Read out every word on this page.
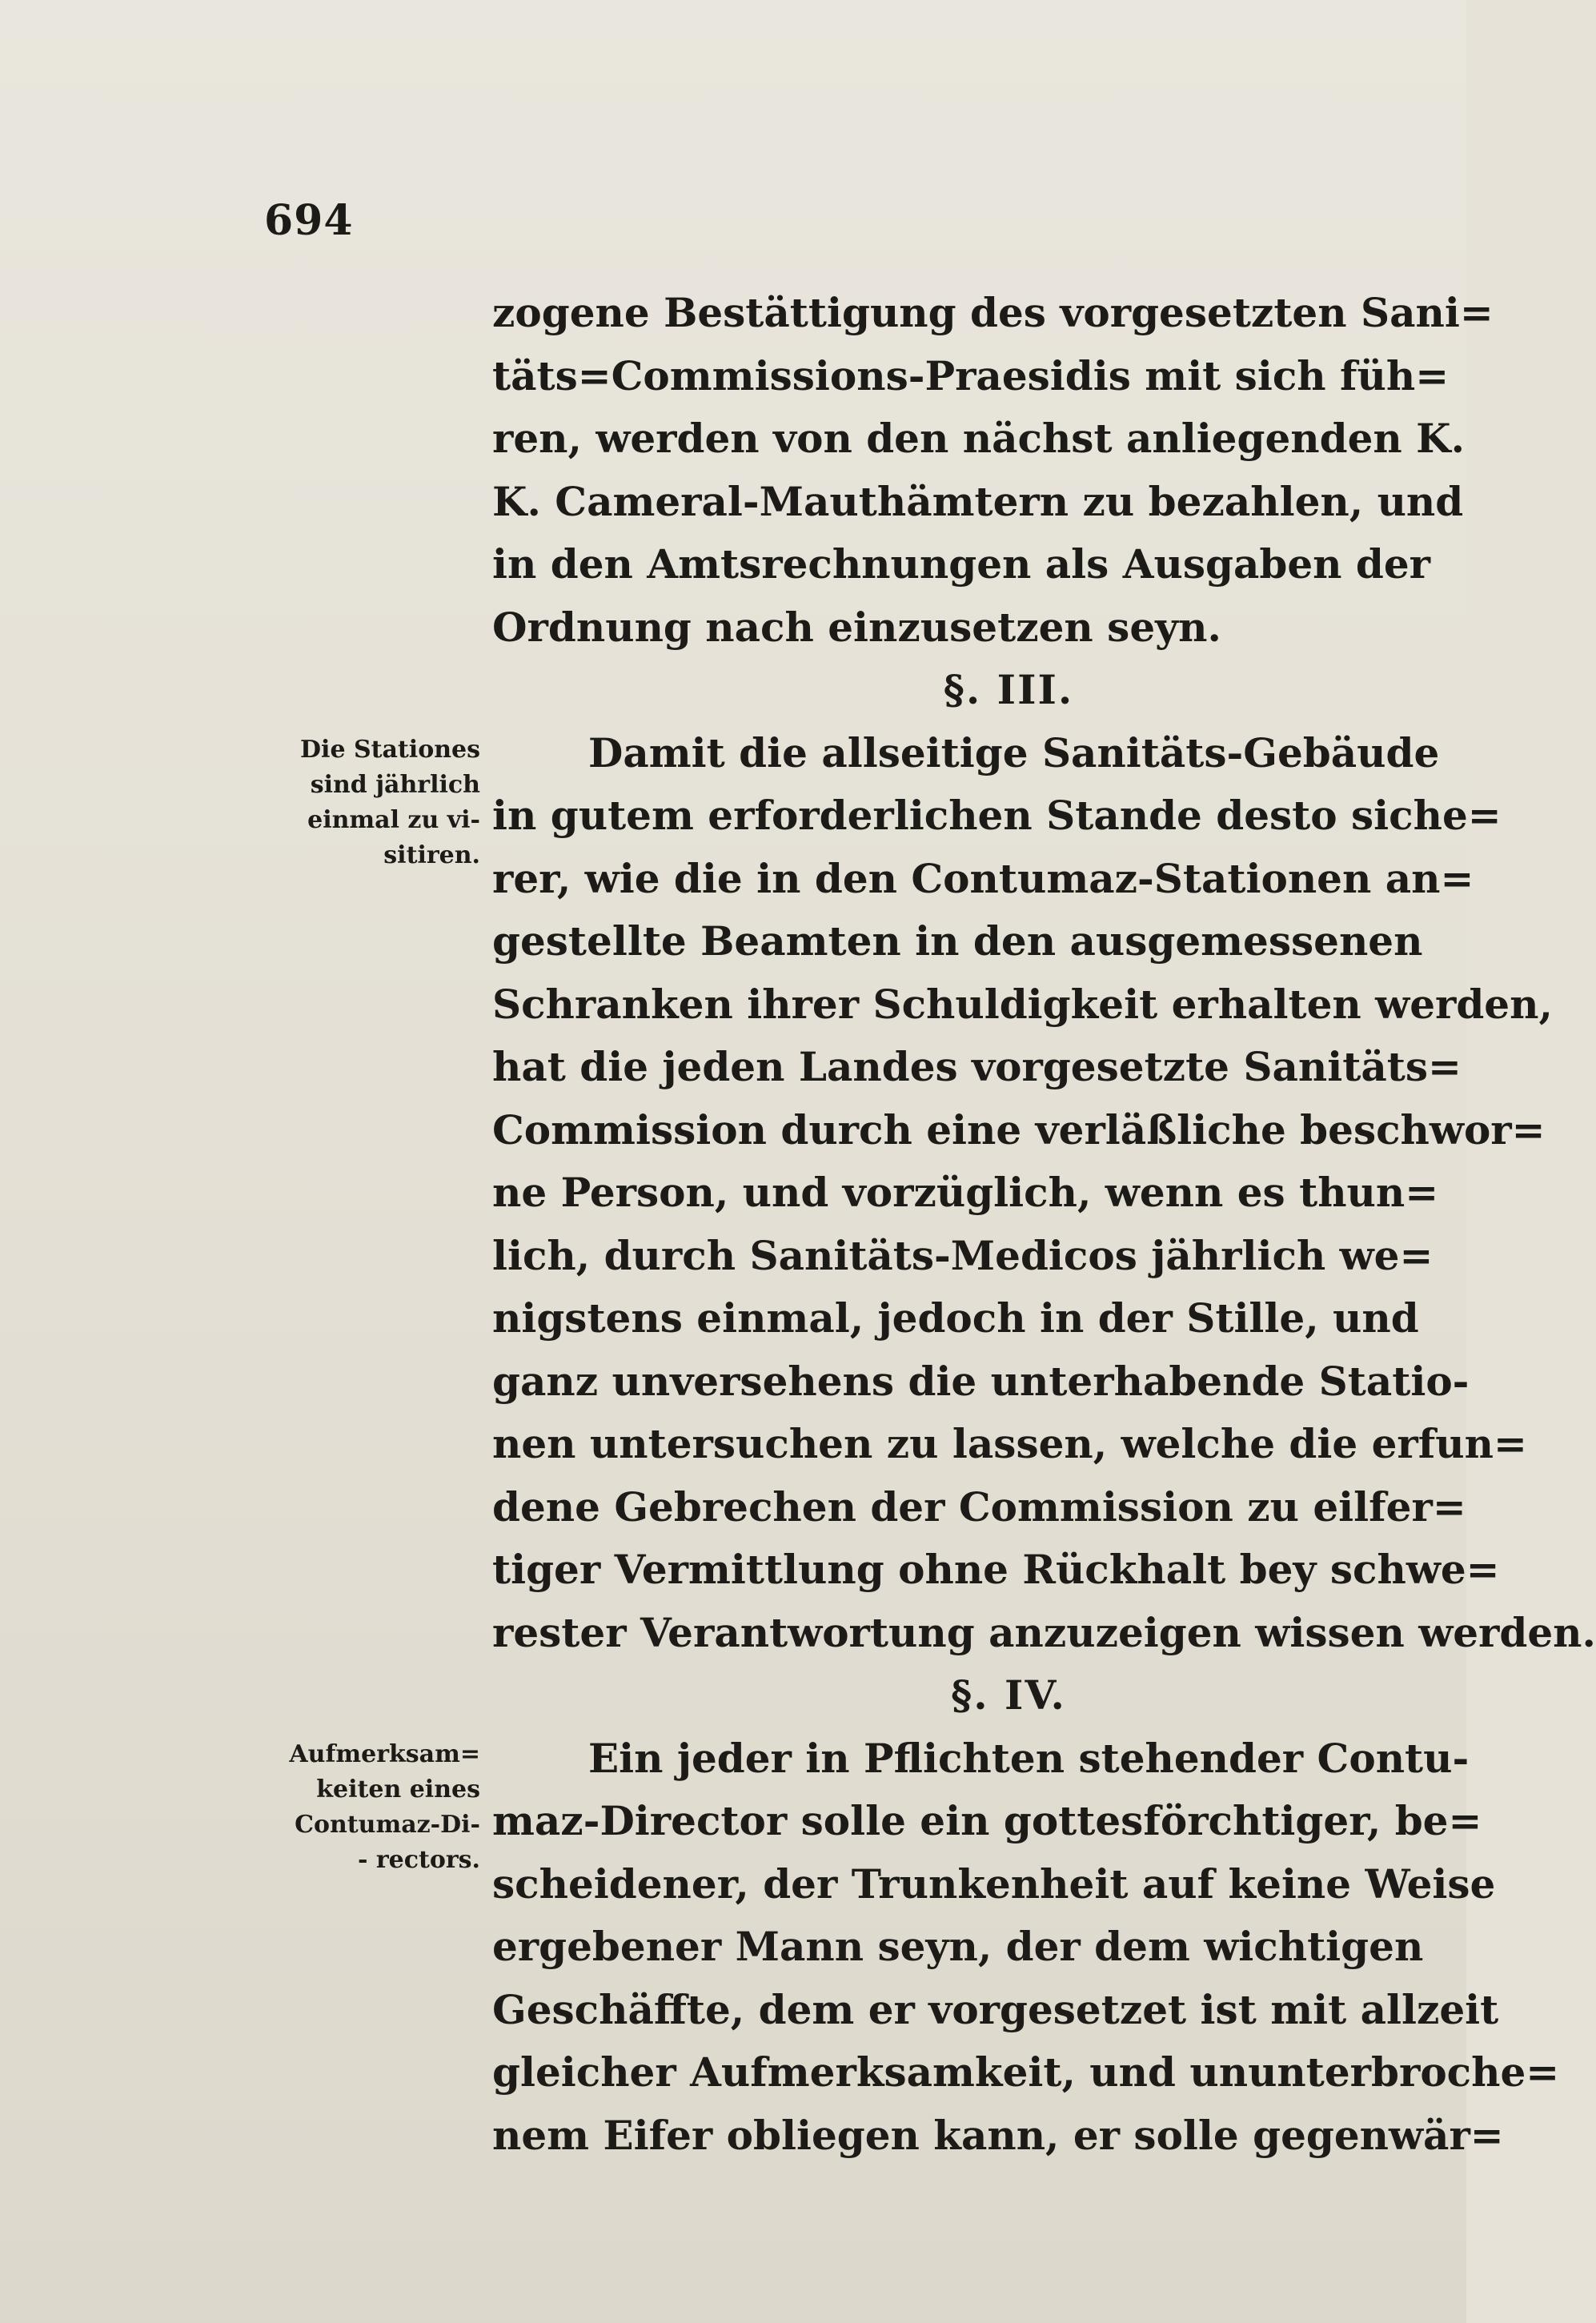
694
zogene Bestättigung des vorgesetzten Sani=
täts=Commissions-Praesidis mit sich füh=
ren, werden von den nächst anliegenden K.
K. Cameral-Mauthämtern zu bezahlen, und
in den Amtsrechnungen als Ausgaben der
Ordnung nach einzusetzen seyn.
§. III.
Damit die allseitige Sanitäts-Gebäude
in gutem erforderlichen Stande desto siche=
rer, wie die in den Contumaz-Stationen an=
gestellte Beamten in den ausgemessenen
Schranken ihrer Schuldigkeit erhalten werden,
hat die jeden Landes vorgesetzte Sanitäts=
Commission durch eine verläßliche beschwor=
ne Person, und vorzüglich, wenn es thun=
lich, durch Sanitäts-Medicos jährlich we=
nigstens einmal, jedoch in der Stille, und
ganz unversehens die unterhabende Statio-
nen untersuchen zu lassen, welche die erfun=
dene Gebrechen der Commission zu eilfer=
tiger Vermittlung ohne Rückhalt bey schwe=
rester Verantwortung anzuzeigen wissen werden.
§. IV.
Ein jeder in Pflichten stehender Contu-
maz-Director solle ein gottesförchtiger, be=
scheidener, der Trunkenheit auf keine Weise
ergebener Mann seyn, der dem wichtigen
Geschäffte, dem er vorgesetzet ist mit allzeit
gleicher Aufmerksamkeit, und ununterbroche=
nem Eifer obliegen kann, er solle gegenwär=
Die Stationes
sind jährlich
einmal zu vi-
sitiren.
Aufmerksam=
keiten eines
Contumaz-Di-
- rectors.
